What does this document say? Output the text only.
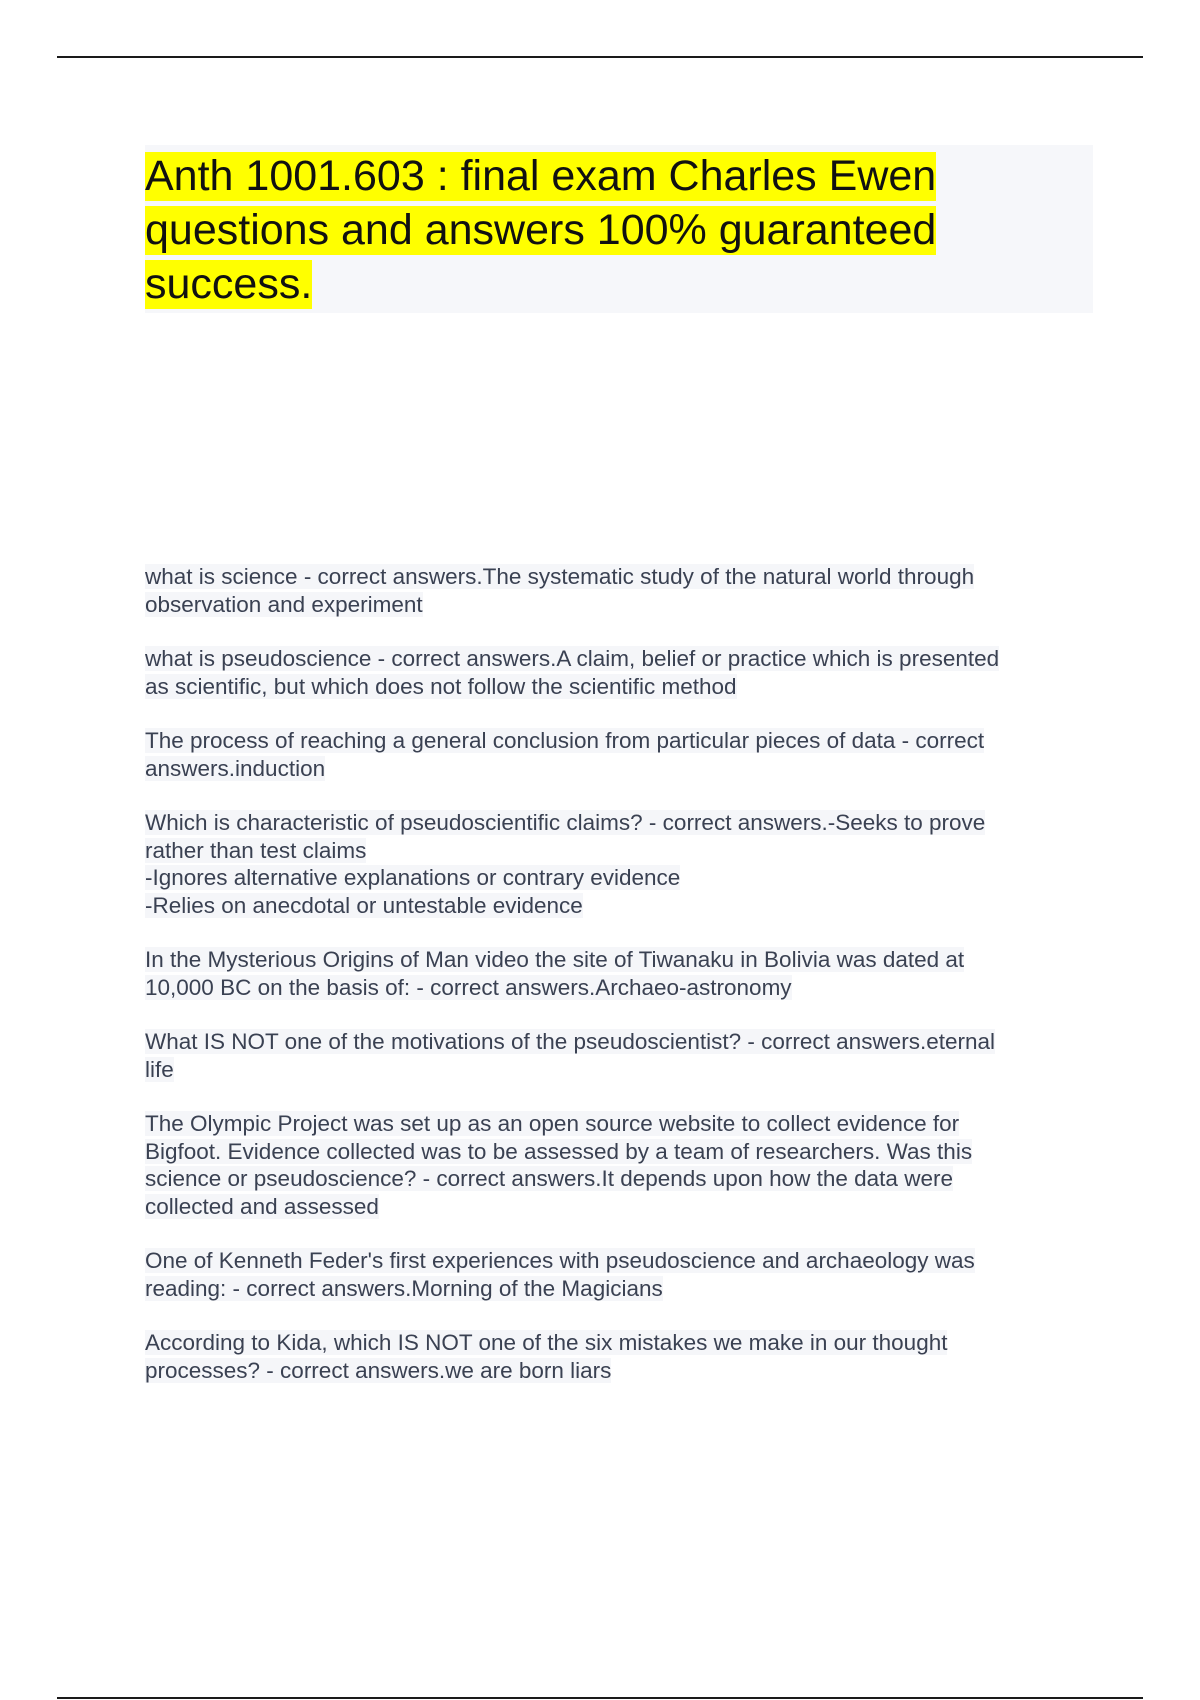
Anth 1001.603 : final exam Charles Ewen questions and answers 100% guaranteed success.
what is science - correct answers.The systematic study of the natural world through
observation and experiment
what is pseudoscience - correct answers.A claim, belief or practice which is presented
as scientific, but which does not follow the scientific method
The process of reaching a general conclusion from particular pieces of data - correct
answers.induction
Which is characteristic of pseudoscientific claims? - correct answers.-Seeks to prove
rather than test claims
-Ignores alternative explanations or contrary evidence
-Relies on anecdotal or untestable evidence
In the Mysterious Origins of Man video the site of Tiwanaku in Bolivia was dated at
10,000 BC on the basis of: - correct answers.Archaeo-astronomy
What IS NOT one of the motivations of the pseudoscientist? - correct answers.eternal
life
The Olympic Project was set up as an open source website to collect evidence for
Bigfoot. Evidence collected was to be assessed by a team of researchers. Was this
science or pseudoscience? - correct answers.It depends upon how the data were
collected and assessed
One of Kenneth Feder's first experiences with pseudoscience and archaeology was
reading: - correct answers.Morning of the Magicians
According to Kida, which IS NOT one of the six mistakes we make in our thought
processes? - correct answers.we are born liars
